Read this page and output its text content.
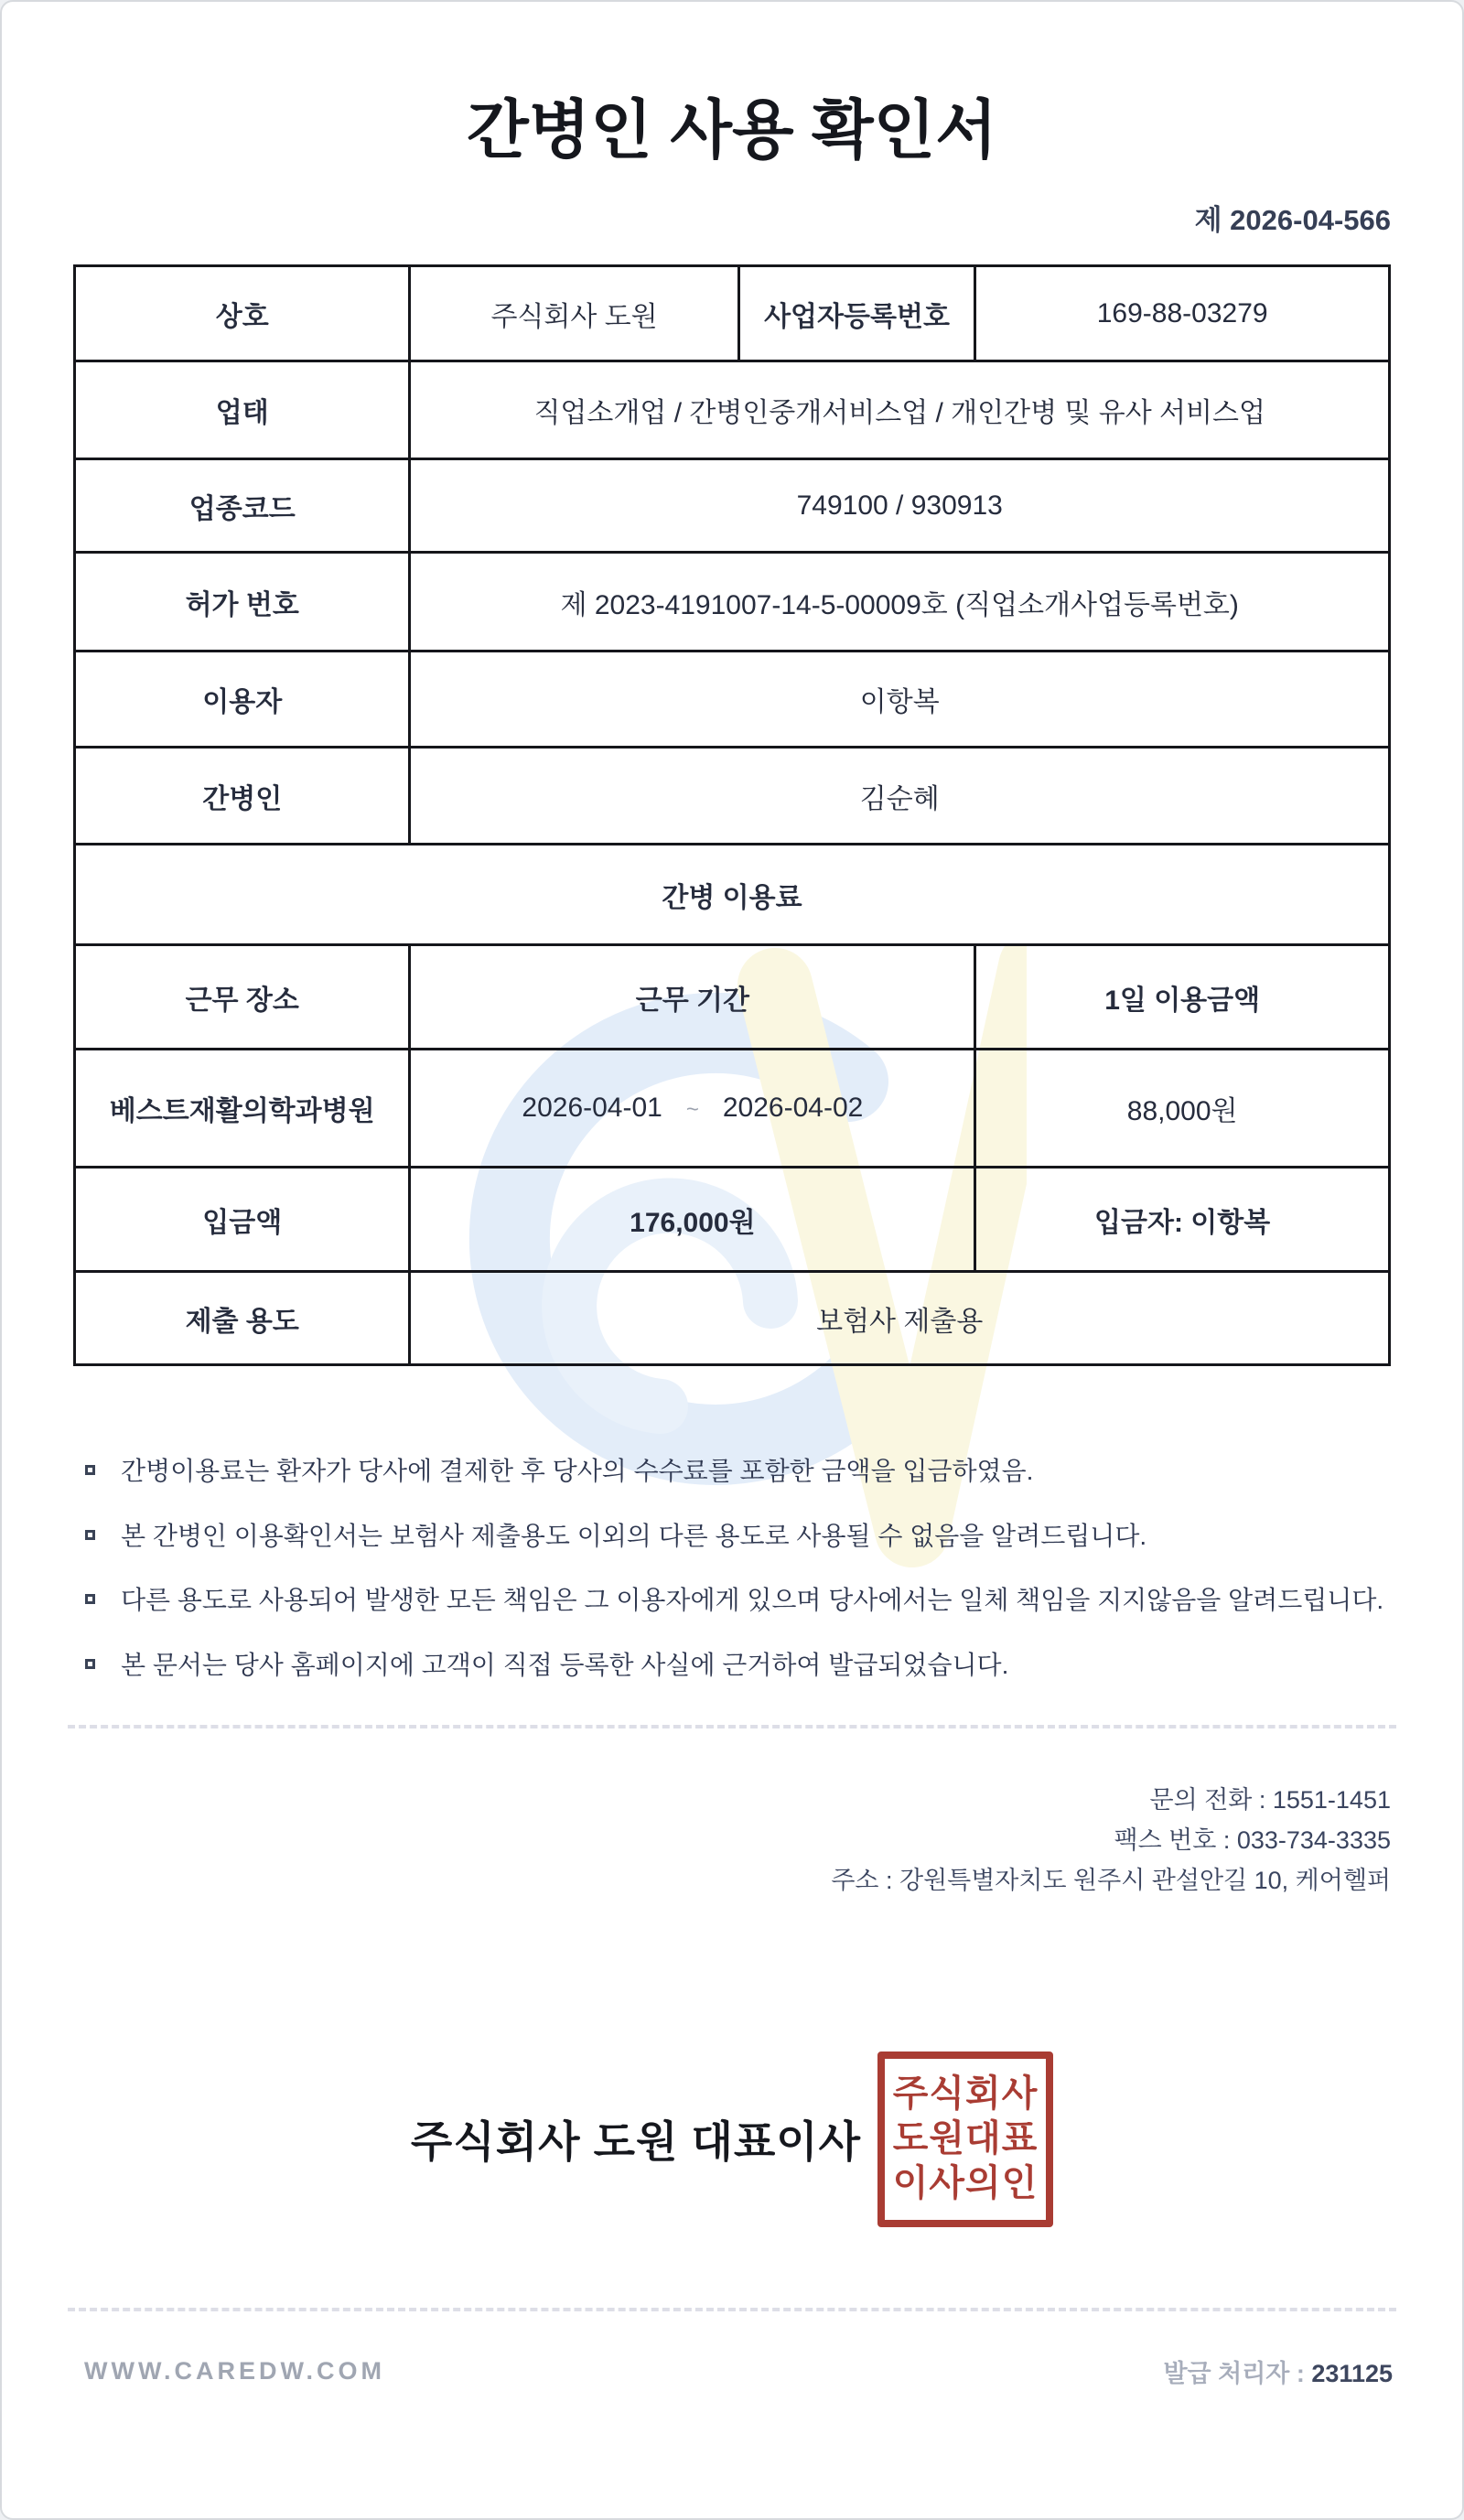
간병인 사용 확인서
제 2026-04-566
상호	주식회사 도원	사업자등록번호	169-88-03279
업태	직업소개업 / 간병인중개서비스업 / 개인간병 및 유사 서비스업		
업종코드	749100 / 930913		
허가 번호	제 2023-4191007-14-5-00009호 (직업소개사업등록번호)		
이용자	이항복		
간병인	김순혜		
간병 이용료			
근무 장소	근무 기간		1일 이용금액
베스트재활의학과병원	2026-04-01 ~ 2026-04-02		88,000원
입금액	176,000원		입금자: 이항복
제출 용도	보험사 제출용		
간병이용료는 환자가 당사에 결제한 후 당사의 수수료를 포함한 금액을 입금하였음.
본 간병인 이용확인서는 보험사 제출용도 이외의 다른 용도로 사용될 수 없음을 알려드립니다.
다른 용도로 사용되어 발생한 모든 책임은 그 이용자에게 있으며 당사에서는 일체 책임을 지지않음을 알려드립니다.
본 문서는 당사 홈페이지에 고객이 직접 등록한 사실에 근거하여 발급되었습니다.
문의 전화 : 1551-1451
팩스 번호 : 033-734-3335
주소 : 강원특별자치도 원주시 관설안길 10, 케어헬퍼
주식회사 도원 대표이사
주식회사
도원대표
이사의인
WWW.CAREDW.COM	발급 처리자 : 231125
